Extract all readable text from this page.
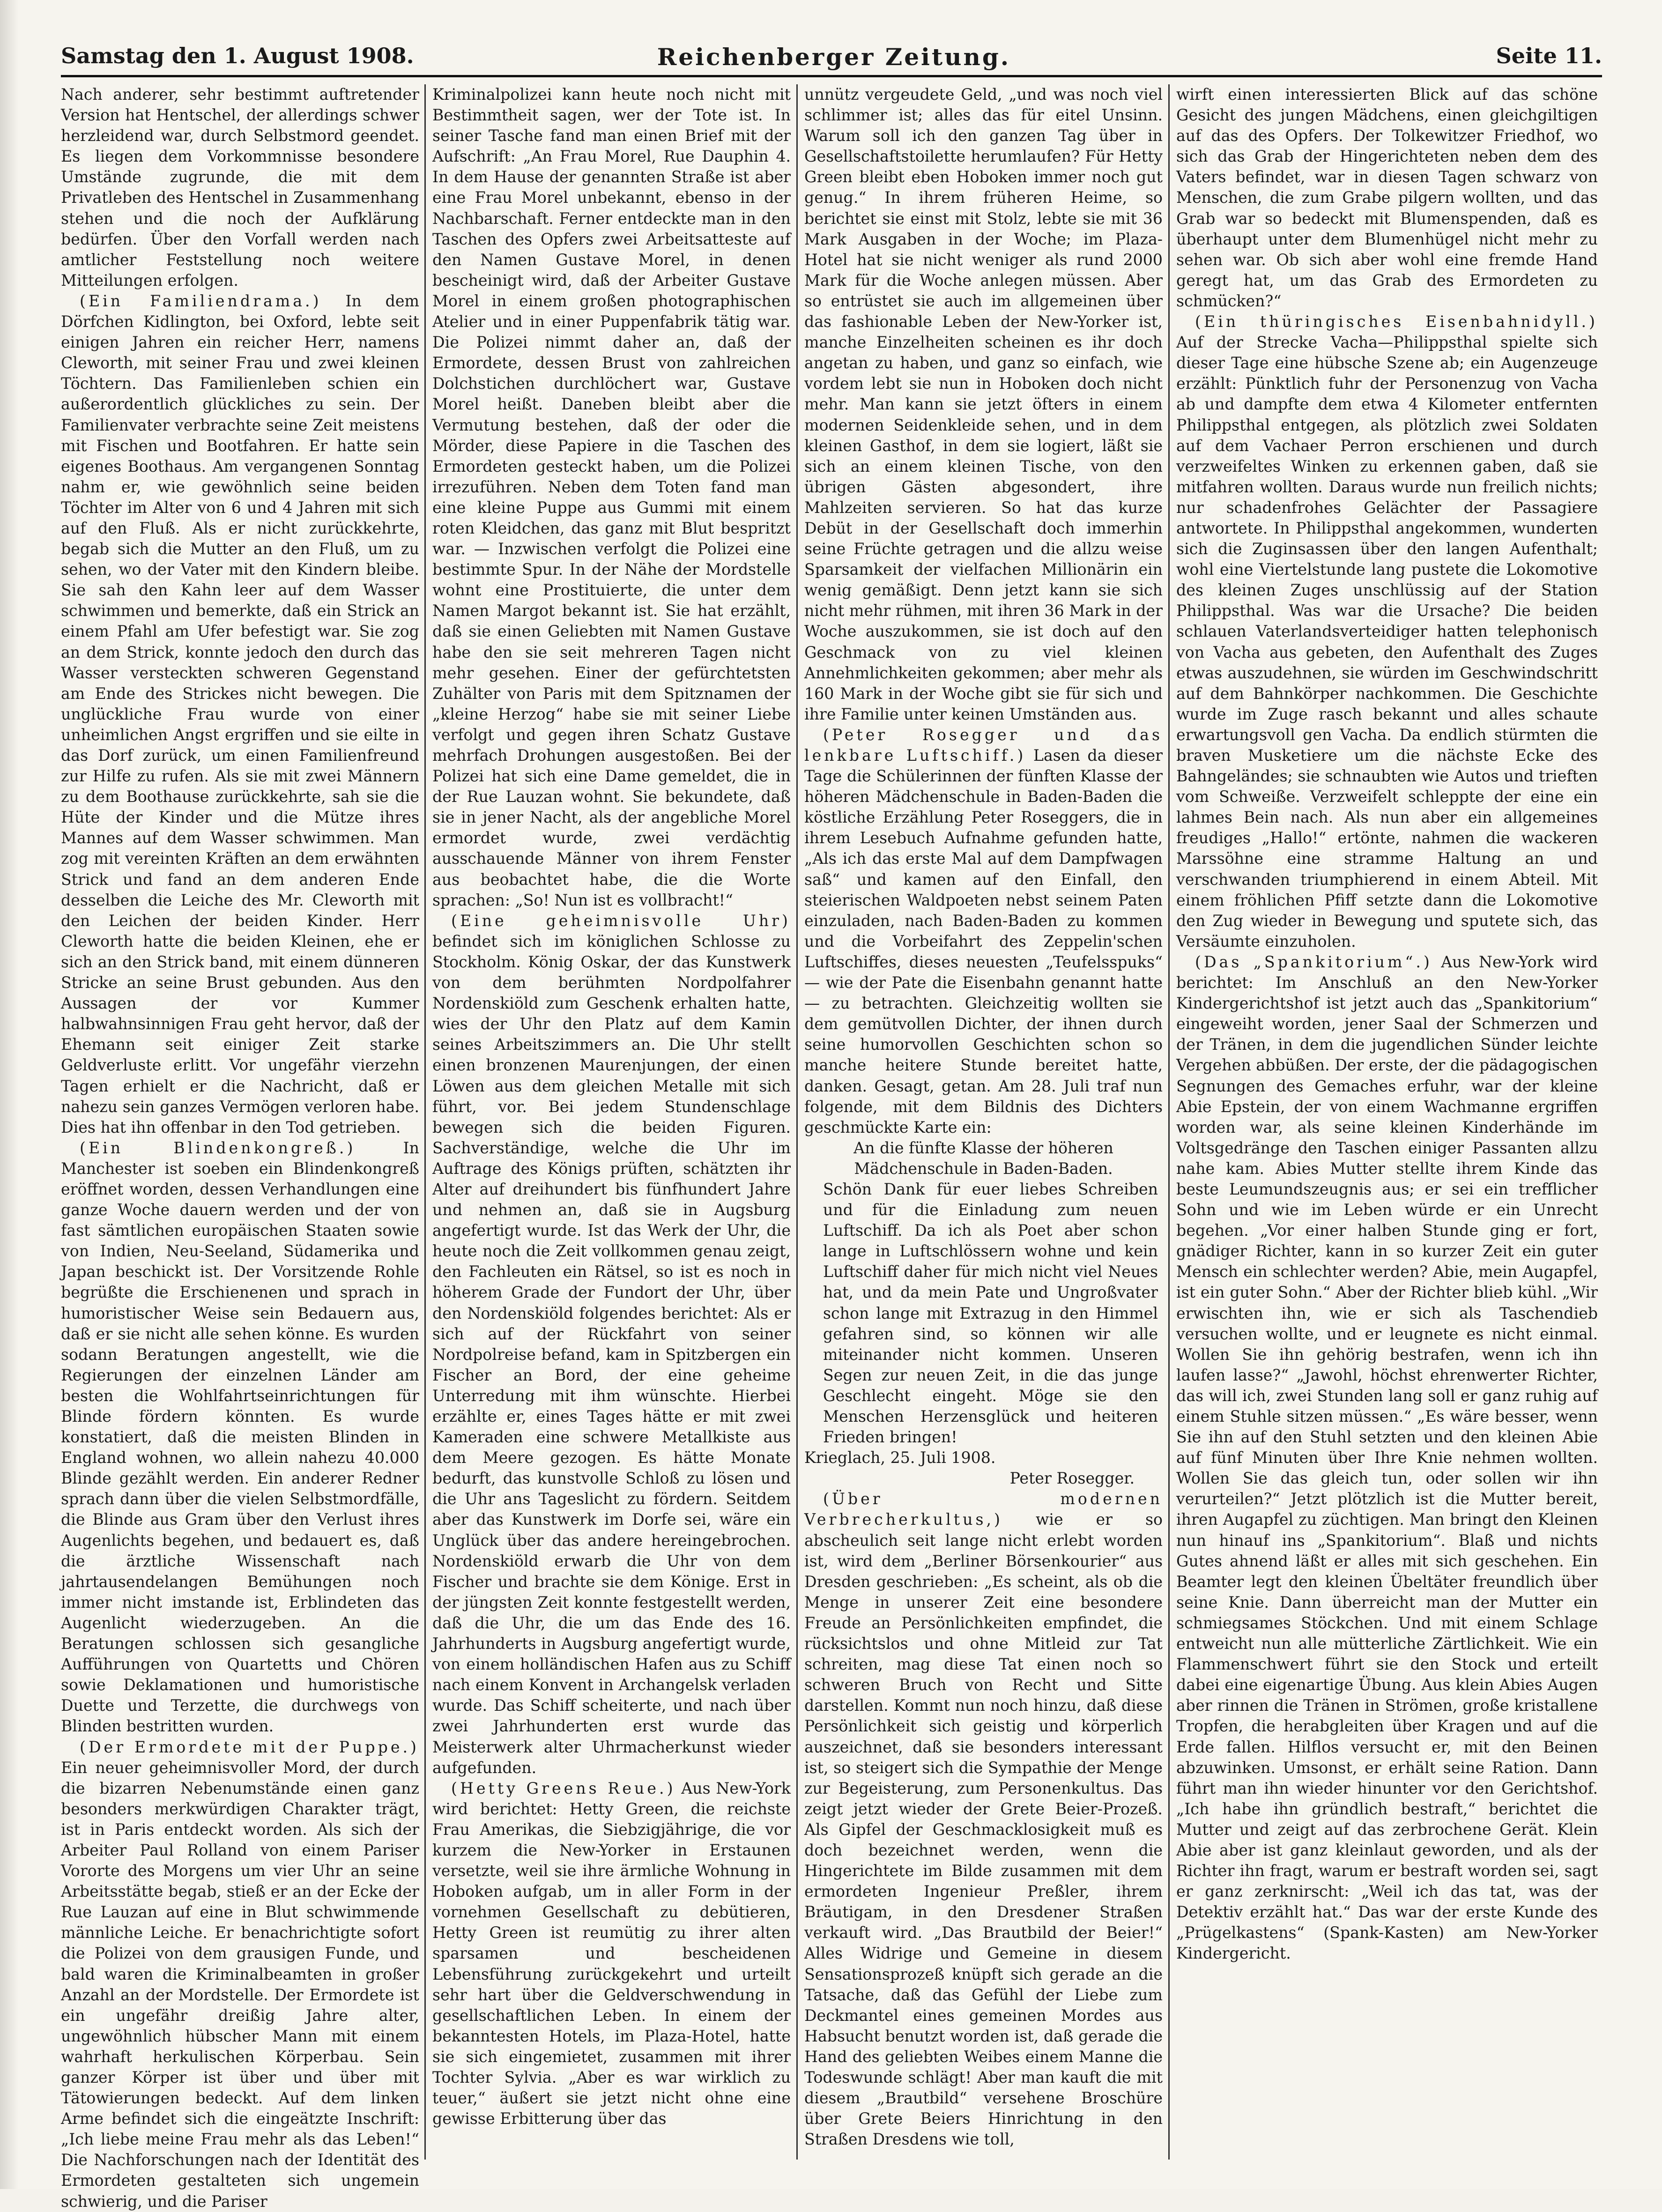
Samstag den 1. August 1908.	Reichenberger Zeitung.	Seite 11.

Nach anderer, sehr bestimmt auftretender Version hat Hentschel, der allerdings schwer herzleidend war, durch Selbstmord geendet. Es liegen dem Vorkommnisse besondere Umstände zugrunde, die mit dem Privatleben des Hentschel in Zusammenhang stehen und die noch der Aufklärung bedürfen. Über den Vorfall werden nach amtlicher Feststellung noch weitere Mitteilungen erfolgen.

(Ein Familiendrama.) In dem Dörfchen Kidlington, bei Oxford, lebte seit einigen Jahren ein reicher Herr, namens Cleworth, mit seiner Frau und zwei kleinen Töchtern. Das Familienleben schien ein außerordentlich glückliches zu sein. Der Familienvater verbrachte seine Zeit meistens mit Fischen und Bootfahren. Er hatte sein eigenes Boothaus. Am vergangenen Sonntag nahm er, wie gewöhnlich seine beiden Töchter im Alter von 6 und 4 Jahren mit sich auf den Fluß. Als er nicht zurückkehrte, begab sich die Mutter an den Fluß, um zu sehen, wo der Vater mit den Kindern bleibe. Sie sah den Kahn leer auf dem Wasser schwimmen und bemerkte, daß ein Strick an einem Pfahl am Ufer befestigt war. Sie zog an dem Strick, konnte jedoch den durch das Wasser versteckten schweren Gegenstand am Ende des Strickes nicht bewegen. Die unglückliche Frau wurde von einer unheimlichen Angst ergriffen und sie eilte in das Dorf zurück, um einen Familienfreund zur Hilfe zu rufen. Als sie mit zwei Männern zu dem Boothause zurückkehrte, sah sie die Hüte der Kinder und die Mütze ihres Mannes auf dem Wasser schwimmen. Man zog mit vereinten Kräften an dem erwähnten Strick und fand an dem anderen Ende desselben die Leiche des Mr. Cleworth mit den Leichen der beiden Kinder. Herr Cleworth hatte die beiden Kleinen, ehe er sich an den Strick band, mit einem dünneren Stricke an seine Brust gebunden. Aus den Aussagen der vor Kummer halbwahnsinnigen Frau geht hervor, daß der Ehemann seit einiger Zeit starke Geldverluste erlitt. Vor ungefähr vierzehn Tagen erhielt er die Nachricht, daß er nahezu sein ganzes Vermögen verloren habe. Dies hat ihn offenbar in den Tod getrieben.

(Ein Blindenkongreß.)	In Manchester ist soeben ein Blindenkongreß eröffnet worden, dessen Verhandlungen eine ganze Woche dauern werden und der von fast sämtlichen europäischen Staaten sowie von Indien, Neu-Seeland, Südamerika und Japan beschickt ist. Der Vorsitzende Rohle begrüßte die Erschienenen und sprach in humoristischer Weise sein Bedauern aus, daß er sie nicht alle sehen könne. Es wurden sodann Beratungen angestellt, wie die Regierungen der einzelnen Länder am besten die Wohlfahrtseinrichtungen für Blinde fördern könnten. Es wurde konstatiert, daß die meisten Blinden in England wohnen, wo allein nahezu 40.000 Blinde gezählt werden. Ein anderer Redner sprach dann über die vielen Selbstmordfälle, die Blinde aus Gram über den Verlust ihres Augenlichts begehen, und bedauert es, daß die ärztliche Wissenschaft nach jahrtausendelangen Bemühungen noch immer nicht imstande ist, Erblindeten das Augenlicht wiederzugeben. An die Beratungen schlossen sich gesangliche Aufführungen von Quartetts und Chören sowie Deklamationen und humoristische Duette und Terzette, die durchwegs von Blinden bestritten wurden.

(Der Ermordete mit der Puppe.) Ein neuer geheimnisvoller Mord, der durch die bizarren Nebenumstände einen ganz besonders merkwürdigen Charakter trägt, ist in Paris entdeckt worden. Als sich der Arbeiter Paul Rolland von einem Pariser Vororte des Morgens um vier Uhr an seine Arbeitsstätte begab, stieß er an der Ecke der Rue Lauzan auf eine in Blut schwimmende männliche Leiche. Er benachrichtigte sofort die Polizei von dem grausigen Funde, und bald waren die Kriminalbeamten in großer Anzahl an der Mordstelle. Der Ermordete ist ein ungefähr dreißig Jahre alter, ungewöhnlich hübscher Mann mit einem wahrhaft herkulischen Körperbau. Sein ganzer Körper ist über und über mit Tätowierungen bedeckt. Auf dem linken Arme befindet sich die eingeätzte Inschrift: „Ich liebe meine Frau mehr als das Leben!“ Die Nachforschungen nach der Identität des Ermordeten gestalteten sich ungemein schwierig, und die Pariser

Kriminalpolizei kann heute noch nicht mit Bestimmtheit sagen, wer der Tote ist. In seiner Tasche fand man einen Brief mit der Aufschrift: „An Frau Morel, Rue Dauphin 4. In dem Hause der genannten Straße ist aber eine Frau Morel unbekannt, ebenso in der Nachbarschaft. Ferner entdeckte man in den Taschen des Opfers zwei Arbeitsatteste auf den Namen Gustave Morel, in denen bescheinigt wird, daß der Arbeiter Gustave Morel in einem großen photographischen Atelier und in einer Puppenfabrik tätig war. Die Polizei nimmt daher an, daß der Ermordete, dessen Brust von zahlreichen Dolchstichen durchlöchert war, Gustave Morel heißt. Daneben bleibt aber die Vermutung bestehen, daß der oder die Mörder, diese Papiere in die Taschen des Ermordeten gesteckt haben, um die Polizei irrezuführen. Neben dem Toten fand man eine kleine Puppe aus Gummi mit einem roten Kleidchen, das ganz mit Blut bespritzt war. — Inzwischen verfolgt die Polizei eine bestimmte Spur. In der Nähe der Mordstelle wohnt eine Prostituierte, die unter dem Namen Margot bekannt ist. Sie hat erzählt, daß sie einen Geliebten mit Namen Gustave habe den sie seit mehreren Tagen nicht mehr gesehen. Einer der gefürchtetsten Zuhälter von Paris mit dem Spitznamen der „kleine Herzog“ habe sie mit seiner Liebe verfolgt und gegen ihren Schatz Gustave mehrfach Drohungen ausgestoßen. Bei der Polizei hat sich eine Dame gemeldet, die in der Rue Lauzan wohnt. Sie bekundete, daß sie in jener Nacht, als der angebliche Morel ermordet wurde, zwei verdächtig ausschauende Männer von ihrem Fenster aus beobachtet habe, die die Worte sprachen: „So! Nun ist es vollbracht!“

(Eine geheimnisvolle Uhr) befindet sich im königlichen Schlosse zu Stockholm. König Oskar, der das Kunstwerk von dem berühmten Nordpolfahrer Nordenskiöld zum Geschenk erhalten hatte, wies der Uhr den Platz auf dem Kamin seines Arbeitszimmers an. Die Uhr stellt einen bronzenen Maurenjungen, der einen Löwen aus dem gleichen Metalle mit sich führt, vor. Bei jedem Stundenschlage bewegen sich die beiden Figuren. Sachverständige, welche die Uhr im Auftrage des Königs prüften, schätzten ihr Alter auf dreihundert bis fünfhundert Jahre und nehmen an, daß sie in Augsburg angefertigt wurde. Ist das Werk der Uhr, die heute noch die Zeit vollkommen genau zeigt, den Fachleuten ein Rätsel, so ist es noch in höherem Grade der Fundort der Uhr, über den Nordenskiöld folgendes berichtet: Als er sich auf der Rückfahrt von seiner Nordpolreise befand, kam in Spitzbergen ein Fischer an Bord, der eine geheime Unterredung mit ihm wünschte. Hierbei erzählte er, eines Tages hätte er mit zwei Kameraden eine schwere Metallkiste aus dem Meere gezogen. Es hätte Monate bedurft, das kunstvolle Schloß zu lösen und die Uhr ans Tageslicht zu fördern. Seitdem aber das Kunstwerk im Dorfe sei, wäre ein Unglück über das andere hereingebrochen. Nordenskiöld erwarb die Uhr von dem Fischer und brachte sie dem Könige. Erst in der jüngsten Zeit konnte festgestellt werden, daß die Uhr, die um das Ende des 16. Jahrhunderts in Augsburg angefertigt wurde, von einem holländischen Hafen aus zu Schiff nach einem Konvent in Archangelsk verladen wurde. Das Schiff scheiterte, und nach über zwei Jahrhunderten erst wurde das Meisterwerk alter Uhrmacherkunst wieder aufgefunden.

(Hetty Greens Reue.) Aus New-York wird berichtet: Hetty Green, die reichste Frau Amerikas, die Siebzigjährige, die vor kurzem die New-Yorker in Erstaunen versetzte, weil sie ihre ärmliche Wohnung in Hoboken aufgab, um in aller Form in der vornehmen Gesellschaft zu debütieren, Hetty Green ist reumütig zu ihrer alten sparsamen und bescheidenen Lebensführung zurückgekehrt und urteilt sehr hart über die Geldverschwendung in gesellschaftlichen Leben. In einem der bekanntesten Hotels, im Plaza-Hotel, hatte sie sich eingemietet, zusammen mit ihrer Tochter Sylvia. „Aber es war wirklich zu teuer,“ äußert sie jetzt nicht ohne eine gewisse Erbitterung über das

unnütz vergeudete Geld, „und was noch viel schlimmer ist; alles das für eitel Unsinn. Warum soll ich den ganzen Tag über in Gesellschaftstoilette herumlaufen? Für Hetty Green bleibt eben Hoboken immer noch gut genug.“ In ihrem früheren Heime, so berichtet sie einst mit Stolz, lebte sie mit 36 Mark Ausgaben in der Woche; im Plaza-Hotel hat sie nicht weniger als rund 2000 Mark für die Woche anlegen müssen. Aber so entrüstet sie auch im allgemeinen über das fashionable Leben der New-Yorker ist, manche Einzelheiten scheinen es ihr doch angetan zu haben, und ganz so einfach, wie vordem lebt sie nun in Hoboken doch nicht mehr. Man kann sie jetzt öfters in einem modernen Seidenkleide sehen, und in dem kleinen Gasthof, in dem sie logiert, läßt sie sich an einem kleinen Tische, von den übrigen Gästen abgesondert, ihre Mahlzeiten servieren. So hat das kurze Debüt in der Gesellschaft doch immerhin seine Früchte getragen und die allzu weise Sparsamkeit der vielfachen Millionärin ein wenig gemäßigt. Denn jetzt kann sie sich nicht mehr rühmen, mit ihren 36 Mark in der Woche auszukommen, sie ist doch auf den Geschmack von zu viel kleinen Annehmlichkeiten gekommen; aber mehr als 160 Mark in der Woche gibt sie für sich und ihre Familie unter keinen Umständen aus.

(Peter Rosegger und das lenkbare Luftschiff.) Lasen da dieser Tage die Schülerinnen der fünften Klasse der höheren Mädchenschule in Baden-Baden die köstliche Erzählung Peter Roseggers, die in ihrem Lesebuch Aufnahme gefunden hatte, „Als ich das erste Mal auf dem Dampfwagen saß“ und kamen auf den Einfall, den steierischen Waldpoeten nebst seinem Paten einzuladen, nach Baden-Baden zu kommen und die Vorbeifahrt des Zeppelin'schen Luftschiffes, dieses neuesten „Teufelsspuks“ — wie der Pate die Eisenbahn genannt hatte — zu betrachten. Gleichzeitig wollten sie dem gemütvollen Dichter, der ihnen durch seine humorvollen Geschichten schon so manche heitere Stunde bereitet hatte, danken. Gesagt, getan. Am 28. Juli traf nun folgende, mit dem Bildnis des Dichters geschmückte Karte ein:

An die fünfte Klasse der höheren Mädchenschule in Baden-Baden.

Schön Dank für euer liebes Schreiben und für die Einladung zum neuen Luftschiff. Da ich als Poet aber schon lange in Luftschlössern wohne und kein Luftschiff daher für mich nicht viel Neues hat, und da mein Pate und Ungroßvater schon lange mit Extrazug in den Himmel gefahren sind, so können wir alle miteinander nicht kommen. Unseren Segen zur neuen Zeit, in die das junge Geschlecht eingeht. Möge sie den Menschen Herzensglück und heiteren Frieden bringen!

Krieglach, 25. Juli 1908.

Peter Rosegger.

(Über modernen Verbrecherkultus,) wie er so abscheulich seit lange nicht erlebt worden ist, wird dem „Berliner Börsenkourier“ aus Dresden geschrieben: „Es scheint, als ob die Menge in unserer Zeit eine besondere Freude an Persönlichkeiten empfindet, die rücksichtslos und ohne Mitleid zur Tat schreiten, mag diese Tat einen noch so schweren Bruch von Recht und Sitte darstellen. Kommt nun noch hinzu, daß diese Persönlichkeit sich geistig und körperlich auszeichnet, daß sie besonders interessant ist, so steigert sich die Sympathie der Menge zur Begeisterung, zum Personenkultus. Das zeigt jetzt wieder der Grete Beier-Prozeß. Als Gipfel der Geschmacklosigkeit muß es doch bezeichnet werden, wenn die Hingerichtete im Bilde zusammen mit dem ermordeten Ingenieur Preßler, ihrem Bräutigam, in den Dresdener Straßen verkauft wird. „Das Brautbild der Beier!“ Alles Widrige und Gemeine in diesem Sensationsprozeß knüpft sich gerade an die Tatsache, daß das Gefühl der Liebe zum Deckmantel eines gemeinen Mordes aus Habsucht benutzt worden ist, daß gerade die Hand des geliebten Weibes einem Manne die Todeswunde schlägt! Aber man kauft die mit diesem „Brautbild“ versehene Broschüre über Grete Beiers Hinrichtung in den Straßen Dresdens wie toll,

wirft einen interessierten Blick auf das schöne Gesicht des jungen Mädchens, einen gleichgiltigen auf das des Opfers. Der Tolkewitzer Friedhof, wo sich das Grab der Hingerichteten neben dem des Vaters befindet, war in diesen Tagen schwarz von Menschen, die zum Grabe pilgern wollten, und das Grab war so bedeckt mit Blumenspenden, daß es überhaupt unter dem Blumenhügel nicht mehr zu sehen war. Ob sich aber wohl eine fremde Hand geregt hat, um das Grab des Ermordeten zu schmücken?“

(Ein thüringisches Eisenbahnidyll.) Auf der Strecke Vacha—Philippsthal spielte sich dieser Tage eine hübsche Szene ab; ein Augenzeuge erzählt: Pünktlich fuhr der Personenzug von Vacha ab und dampfte dem etwa 4 Kilometer entfernten Philippsthal entgegen, als plötzlich zwei Soldaten auf dem Vachaer Perron erschienen und durch verzweifeltes Winken zu erkennen gaben, daß sie mitfahren wollten. Daraus wurde nun freilich nichts; nur schadenfrohes Gelächter der Passagiere antwortete. In Philippsthal angekommen, wunderten sich die Zuginsassen über den langen Aufenthalt; wohl eine Viertelstunde lang pustete die Lokomotive des kleinen Zuges unschlüssig auf der Station Philippsthal. Was war die Ursache? Die beiden schlauen Vaterlandsverteidiger hatten telephonisch von Vacha aus gebeten, den Aufenthalt des Zuges etwas auszudehnen, sie würden im Geschwindschritt auf dem Bahnkörper nachkommen. Die Geschichte wurde im Zuge rasch bekannt und alles schaute erwartungsvoll gen Vacha. Da endlich stürmten die braven Musketiere um die nächste Ecke des Bahngeländes; sie schnaubten wie Autos und trieften vom Schweiße. Verzweifelt schleppte der eine ein lahmes Bein nach. Als nun aber ein allgemeines freudiges „Hallo!“ ertönte, nahmen die wackeren Marssöhne eine stramme Haltung an und verschwanden triumphierend in einem Abteil. Mit einem fröhlichen Pfiff setzte dann die Lokomotive den Zug wieder in Bewegung und sputete sich, das Versäumte einzuholen.

(Das „Spankitorium“.) Aus New-York wird berichtet: Im Anschluß an den New-Yorker Kindergerichtshof ist jetzt auch das „Spankitorium“ eingeweiht worden, jener Saal der Schmerzen und der Tränen, in dem die jugendlichen Sünder leichte Vergehen abbüßen. Der erste, der die pädagogischen Segnungen des Gemaches erfuhr, war der kleine Abie Epstein, der von einem Wachmanne ergriffen worden war, als seine kleinen Kinderhände im Voltsgedränge den Taschen einiger Passanten allzu nahe kam. Abies Mutter stellte ihrem Kinde das beste Leumundszeugnis aus; er sei ein trefflicher Sohn und wie im Leben würde er ein Unrecht begehen. „Vor einer halben Stunde ging er fort, gnädiger Richter, kann in so kurzer Zeit ein guter Mensch ein schlechter werden? Abie, mein Augapfel, ist ein guter Sohn.“ Aber der Richter blieb kühl. „Wir erwischten ihn, wie er sich als Taschendieb versuchen wollte, und er leugnete es nicht einmal. Wollen Sie ihn gehörig bestrafen, wenn ich ihn laufen lasse?“ „Jawohl, höchst ehrenwerter Richter, das will ich, zwei Stunden lang soll er ganz ruhig auf einem Stuhle sitzen müssen.“ „Es wäre besser, wenn Sie ihn auf den Stuhl setzten und den kleinen Abie auf fünf Minuten über Ihre Knie nehmen wollten. Wollen Sie das gleich tun, oder sollen wir ihn verurteilen?“ Jetzt plötzlich ist die Mutter bereit, ihren Augapfel zu züchtigen. Man bringt den Kleinen nun hinauf ins „Spankitorium“. Blaß und nichts Gutes ahnend läßt er alles mit sich geschehen. Ein Beamter legt den kleinen Übeltäter freundlich über seine Knie. Dann überreicht man der Mutter ein schmiegsames Stöckchen. Und mit einem Schlage entweicht nun alle mütterliche Zärtlichkeit. Wie ein Flammenschwert führt sie den Stock und erteilt dabei eine eigenartige Übung. Aus klein Abies Augen aber rinnen die Tränen in Strömen, große kristallene Tropfen, die herabgleiten über Kragen und auf die Erde fallen. Hilflos versucht er, mit den Beinen abzuwinken. Umsonst, er erhält seine Ration. Dann führt man ihn wieder hinunter vor den Gerichtshof. „Ich habe ihn gründlich bestraft,“ berichtet die Mutter und zeigt auf das zerbrochene Gerät. Klein Abie aber ist ganz kleinlaut geworden, und als der Richter ihn fragt, warum er bestraft worden sei, sagt er ganz zerknirscht: „Weil ich das tat, was der Detektiv erzählt hat.“ Das war der erste Kunde des „Prügelkastens“ (Spank-Kasten) am New-Yorker Kindergericht.
